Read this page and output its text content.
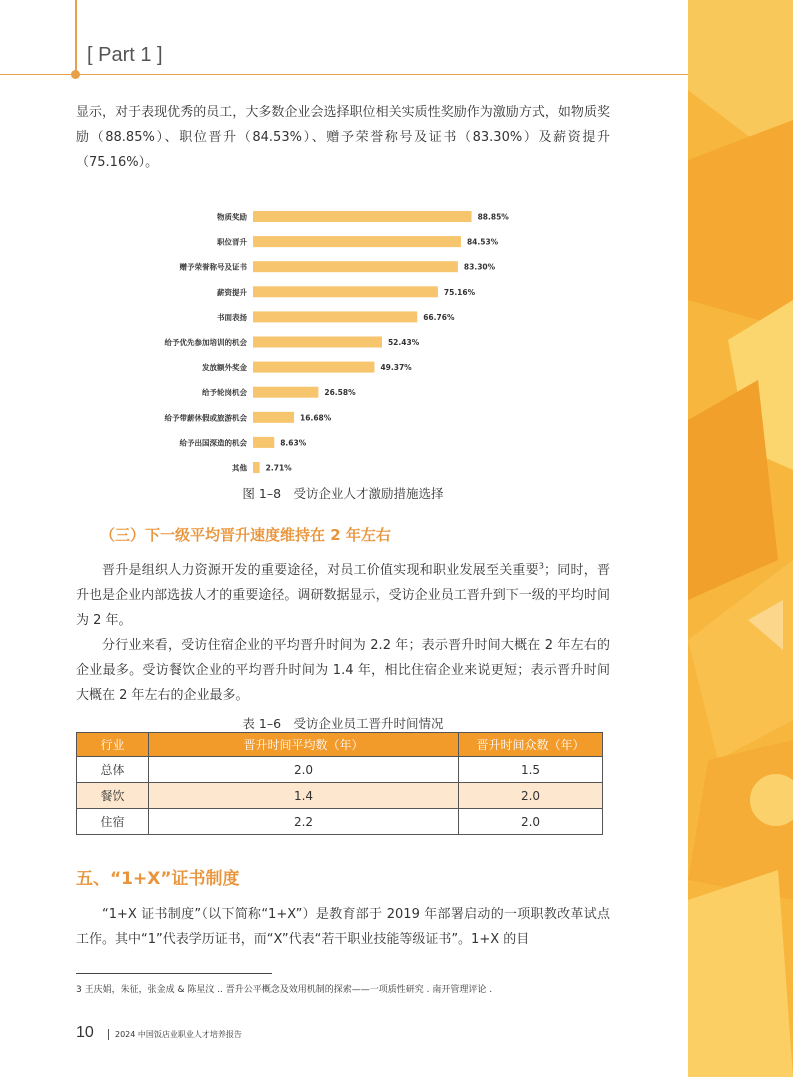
[ Part 1 ]

显示，对于表现优秀的员工，大多数企业会选择职位相关实质性奖励作为激励方式，如物质奖励（88.85%）、职位晋升（84.53%）、赠予荣誉称号及证书（83.30%）及薪资提升（75.16%）。

物质奖励	88.85%
职位晋升	84.53%
赠予荣誉称号及证书	83.30%
薪资提升	75.16%
书面表扬	66.76%
给予优先参加培训的机会	52.43%
发放额外奖金	49.37%
给予轮岗机会	26.58%
给予带薪休假或旅游机会	16.68%
给予出国深造的机会	8.63%
其他 2.71%
图 1–8　受访企业人才激励措施选择
（三）下一级平均晋升速度维持在 2 年左右

晋升是组织人力资源开发的重要途径，对员工价值实现和职业发展至关重要$^3$；同时，晋升也是企业内部选拔人才的重要途径。调研数据显示，受访企业员工晋升到下一级的平均时间为 2 年。

分行业来看，受访住宿企业的平均晋升时间为 2.2 年；表示晋升时间大概在 2 年左右的企业最多。受访餐饮企业的平均晋升时间为 1.4 年，相比住宿企业来说更短；表示晋升时间大概在 2 年左右的企业最多。

表 1–6　受访企业员工晋升时间情况
行业	晋升时间平均数（年）	晋升时间众数（年）
总体	2.0	1.5
餐饮	1.4	2.0
住宿	2.2	2.0
五、“1+X”证书制度

“1+X 证书制度”（以下简称“1+X”）是教育部于 2019 年部署启动的一项职教改革试点工作。其中“1”代表学历证书，而“X”代表“若干职业技能等级证书”。1+X 的目

3 王庆娟，朱征，张金成 & 陈星汶 .. 晋升公平概念及效用机制的探索——一项质性研究 . 南开管理评论 .
10	2024 中国饭店业职业人才培养报告
